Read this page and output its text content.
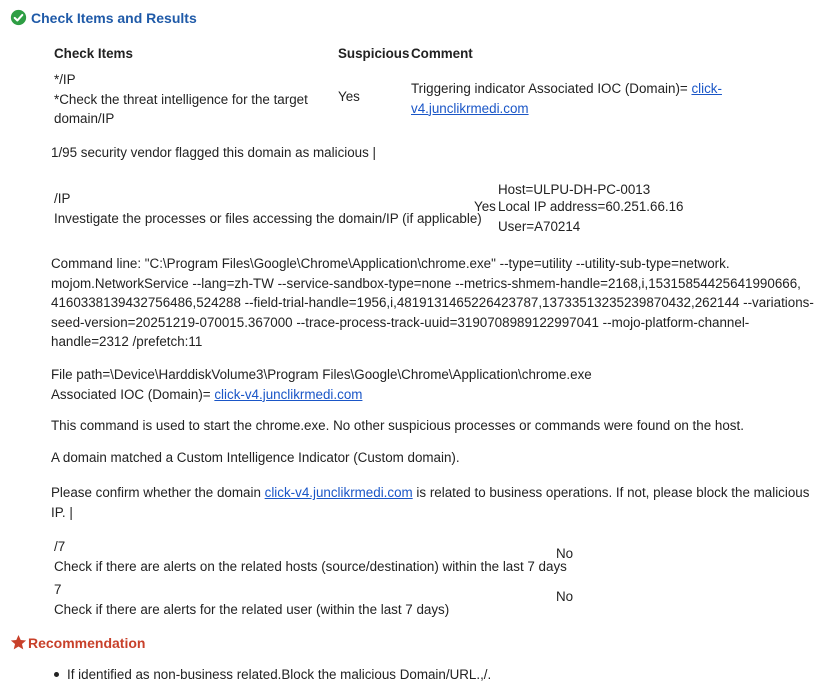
Check Items and Results
Check Items	Suspicious Comment
*/IP
*Check the threat intelligence for the target
domain/IP
Yes
Triggering indicator Associated IOC (Domain)= click-
v4.junclikrmedi.com
1/95 security vendor flagged this domain as malicious |
/IP
Investigate the processes or files accessing the domain/IP (if applicable)
Yes
Host=ULPU-DH-PC-0013
Local IP address=60.251.66.16
User=A70214
Command line: "C:\Program Files\Google\Chrome\Application\chrome.exe" --type=utility --utility-sub-type=network.
mojom.NetworkService --lang=zh-TW --service-sandbox-type=none --metrics-shmem-handle=2168,i,15315854425641990666,
4160338139432756486,524288 --field-trial-handle=1956,i,4819131465226423787,13733513235239870432,262144 --variations-
seed-version=20251219-070015.367000 --trace-process-track-uuid=3190708989122997041 --mojo-platform-channel-
handle=2312 /prefetch:11
File path=\Device\HarddiskVolume3\Program Files\Google\Chrome\Application\chrome.exe
Associated IOC (Domain)= click-v4.junclikrmedi.com
This command is used to start the chrome.exe. No other suspicious processes or commands were found on the host.
A domain matched a Custom Intelligence Indicator (Custom domain).
Please confirm whether the domain click-v4.junclikrmedi.com is related to business operations. If not, please block the malicious
IP. |
/7
Check if there are alerts on the related hosts (source/destination) within the last 7 days
No
7
Check if there are alerts for the related user (within the last 7 days)
No
Recommendation
If identified as non-business related.Block the malicious Domain/URL.,/.
